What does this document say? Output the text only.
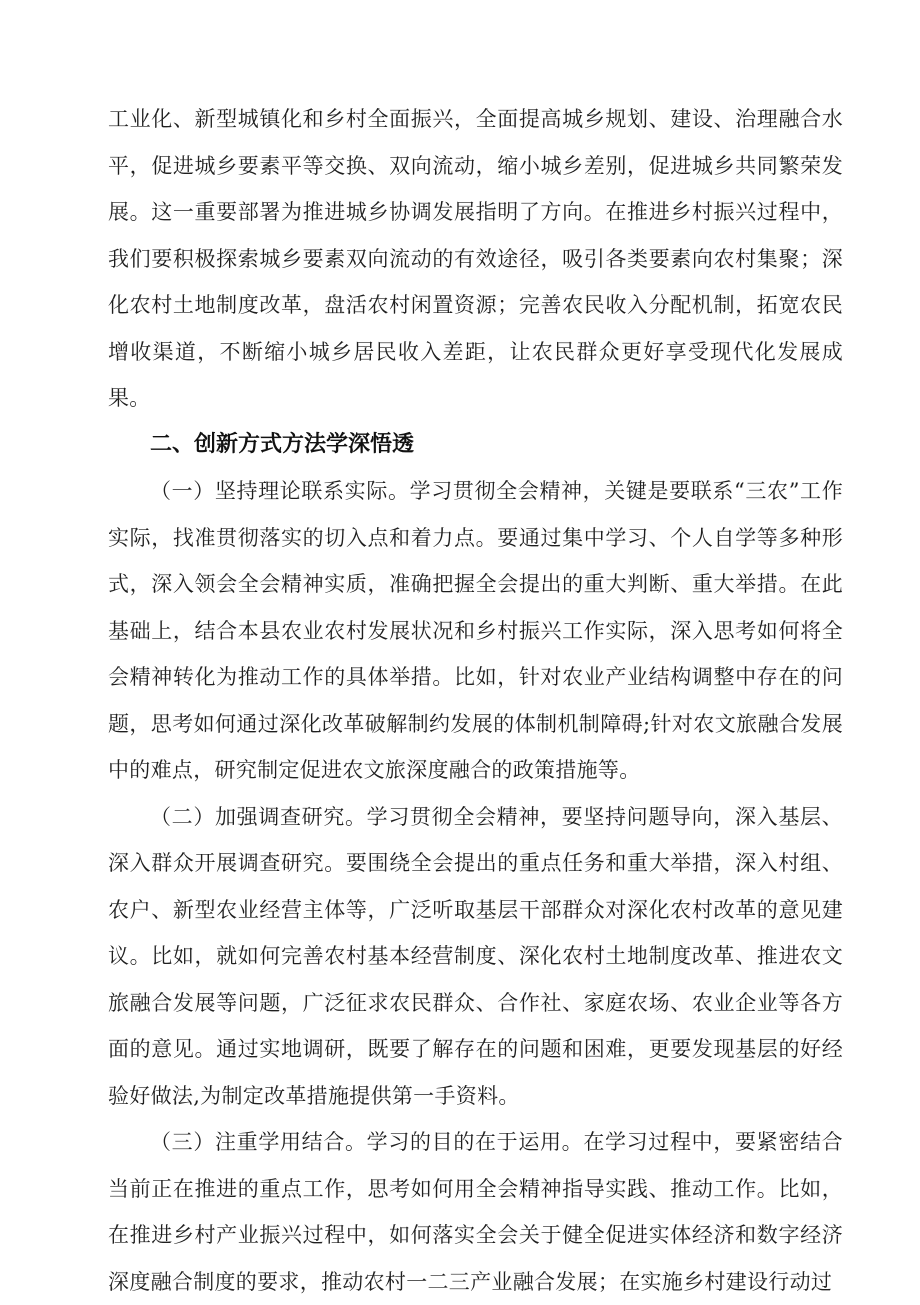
工业化、新型城镇化和乡村全面振兴，全面提高城乡规划、建设、治理融合水平，促进城乡要素平等交换、双向流动，缩小城乡差别，促进城乡共同繁荣发展。这一重要部署为推进城乡协调发展指明了方向。在推进乡村振兴过程中，我们要积极探索城乡要素双向流动的有效途径，吸引各类要素向农村集聚；深化农村土地制度改革，盘活农村闲置资源；完善农民收入分配机制，拓宽农民增收渠道，不断缩小城乡居民收入差距，让农民群众更好享受现代化发展成果。

二、创新方式方法学深悟透

（一）坚持理论联系实际。学习贯彻全会精神，关键是要联系“三农”工作实际，找准贯彻落实的切入点和着力点。要通过集中学习、个人自学等多种形式，深入领会全会精神实质，准确把握全会提出的重大判断、重大举措。在此基础上，结合本县农业农村发展状况和乡村振兴工作实际，深入思考如何将全会精神转化为推动工作的具体举措。比如，针对农业产业结构调整中存在的问题，思考如何通过深化改革破解制约发展的体制机制障碍;针对农文旅融合发展中的难点，研究制定促进农文旅深度融合的政策措施等。

（二）加强调查研究。学习贯彻全会精神，要坚持问题导向，深入基层、深入群众开展调查研究。要围绕全会提出的重点任务和重大举措，深入村组、农户、新型农业经营主体等，广泛听取基层干部群众对深化农村改革的意见建议。比如，就如何完善农村基本经营制度、深化农村土地制度改革、推进农文旅融合发展等问题，广泛征求农民群众、合作社、家庭农场、农业企业等各方面的意见。通过实地调研，既要了解存在的问题和困难，更要发现基层的好经验好做法,为制定改革措施提供第一手资料。

（三）注重学用结合。学习的目的在于运用。在学习过程中，要紧密结合当前正在推进的重点工作，思考如何用全会精神指导实践、推动工作。比如，在推进乡村产业振兴过程中，如何落实全会关于健全促进实体经济和数字经济深度融合制度的要求，推动农村一二三产业融合发展；在实施乡村建设行动过
